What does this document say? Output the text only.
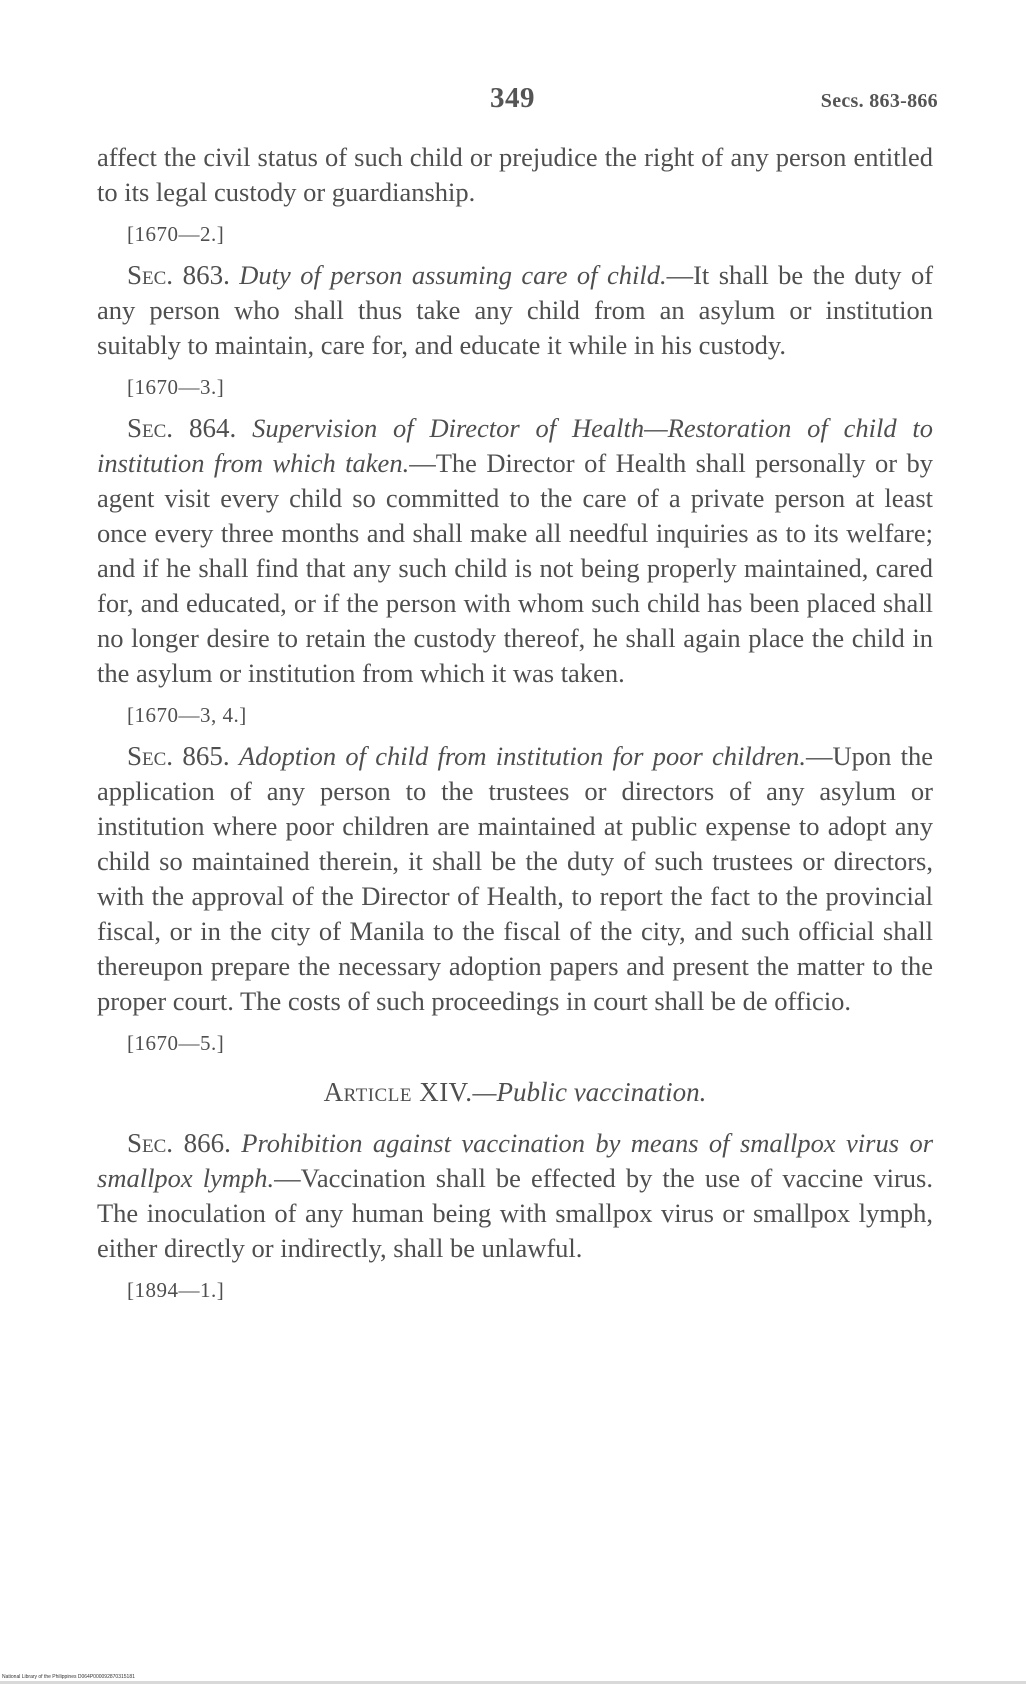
349	Secs. 863-866

affect the civil status of such child or prejudice the right of any person entitled to its legal custody or guardianship.

[1670—2.]

Sec. 863. Duty of person assuming care of child.—It shall be the duty of any person who shall thus take any child from an asylum or institution suitably to maintain, care for, and educate it while in his custody.

[1670—3.]

Sec. 864. Supervision of Director of Health—Restoration of child to institution from which taken.—The Director of Health shall personally or by agent visit every child so committed to the care of a private person at least once every three months and shall make all needful inquiries as to its welfare; and if he shall find that any such child is not being properly maintained, cared for, and educated, or if the person with whom such child has been placed shall no longer desire to retain the custody thereof, he shall again place the child in the asylum or institution from which it was taken.

[1670—3, 4.]

Sec. 865. Adoption of child from institution for poor children.—Upon the application of any person to the trustees or directors of any asylum or institution where poor children are maintained at public expense to adopt any child so maintained therein, it shall be the duty of such trustees or directors, with the approval of the Director of Health, to report the fact to the provincial fiscal, or in the city of Manila to the fiscal of the city, and such official shall thereupon prepare the necessary adoption papers and present the matter to the proper court. The costs of such proceedings in court shall be de officio.

[1670—5.]

Article XIV.—Public vaccination.

Sec. 866. Prohibition against vaccination by means of smallpox virus or smallpox lymph.—Vaccination shall be effected by the use of vaccine virus. The inoculation of any human being with smallpox virus or smallpox lymph, either directly or indirectly, shall be unlawful.

[1894—1.]

National Library of the Philippines D064P000092870315181
